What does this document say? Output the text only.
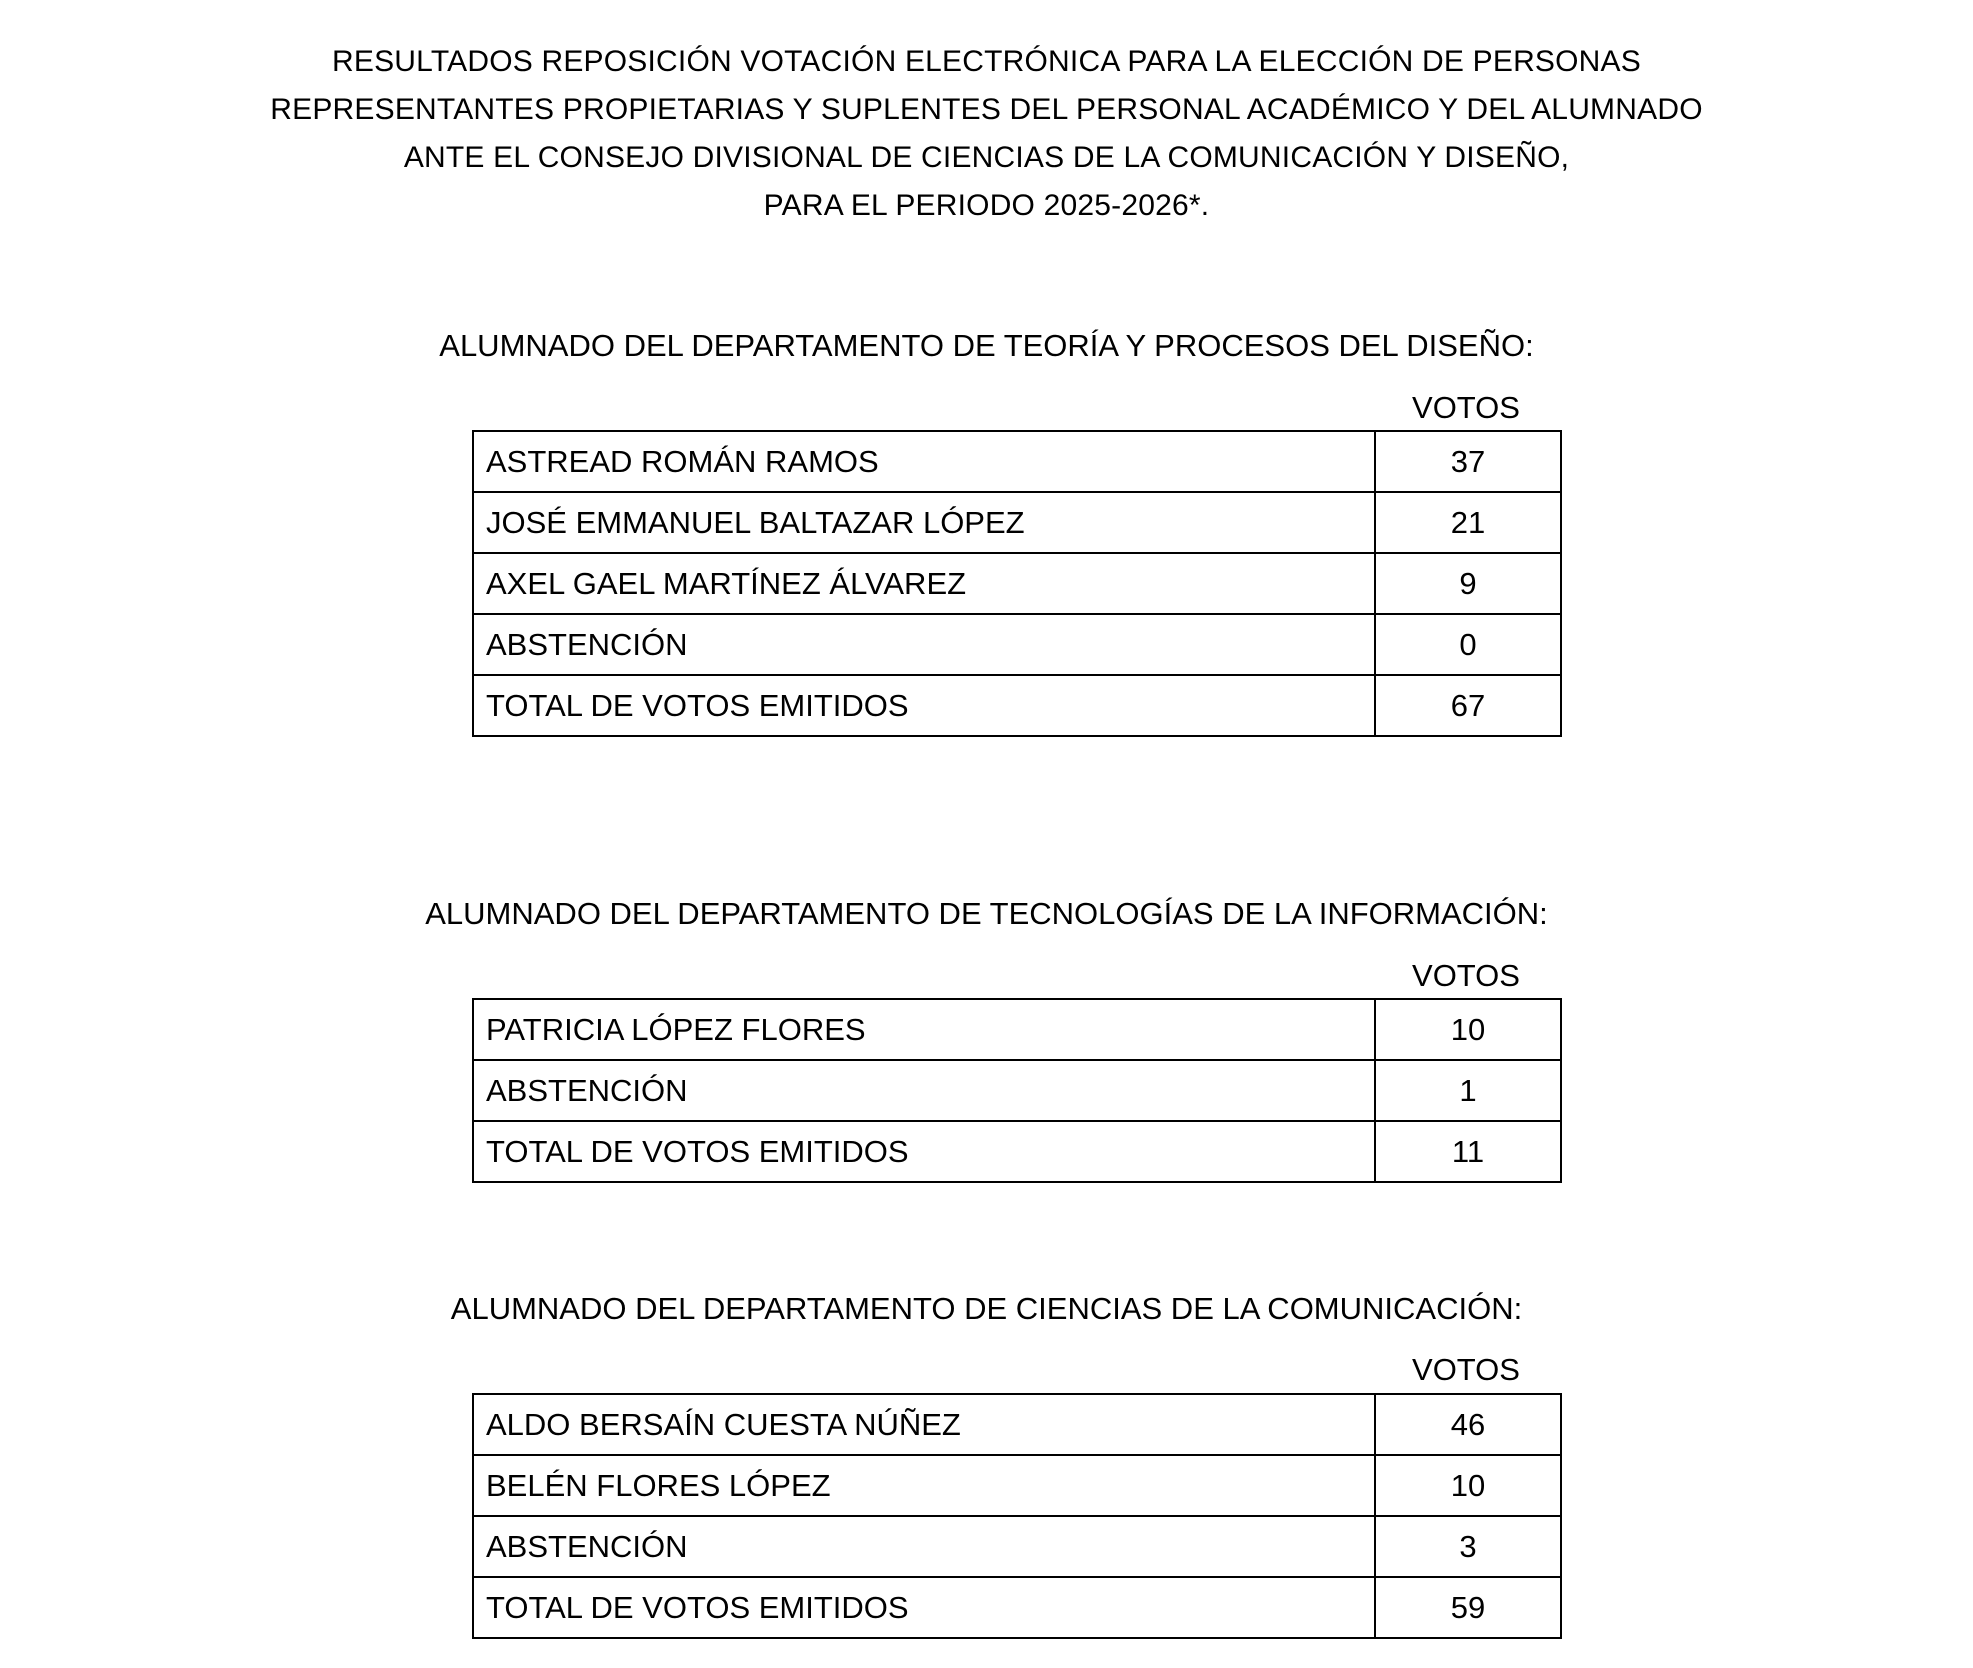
RESULTADOS REPOSICIÓN VOTACIÓN ELECTRÓNICA PARA LA ELECCIÓN DE PERSONAS
REPRESENTANTES PROPIETARIAS Y SUPLENTES DEL PERSONAL ACADÉMICO Y DEL ALUMNADO
ANTE EL CONSEJO DIVISIONAL DE CIENCIAS DE LA COMUNICACIÓN Y DISEÑO,
PARA EL PERIODO 2025-2026*.
ALUMNADO DEL DEPARTAMENTO DE TEORÍA Y PROCESOS DEL DISEÑO:
VOTOS
ASTREAD ROMÁN RAMOS	37
JOSÉ EMMANUEL BALTAZAR LÓPEZ	21
AXEL GAEL MARTÍNEZ ÁLVAREZ	9
ABSTENCIÓN	0
TOTAL DE VOTOS EMITIDOS	67
ALUMNADO DEL DEPARTAMENTO DE TECNOLOGÍAS DE LA INFORMACIÓN:
VOTOS
PATRICIA LÓPEZ FLORES	10
ABSTENCIÓN	1
TOTAL DE VOTOS EMITIDOS	11
ALUMNADO DEL DEPARTAMENTO DE CIENCIAS DE LA COMUNICACIÓN:
VOTOS
ALDO BERSAÍN CUESTA NÚÑEZ	46
BELÉN FLORES LÓPEZ	10
ABSTENCIÓN	3
TOTAL DE VOTOS EMITIDOS	59
